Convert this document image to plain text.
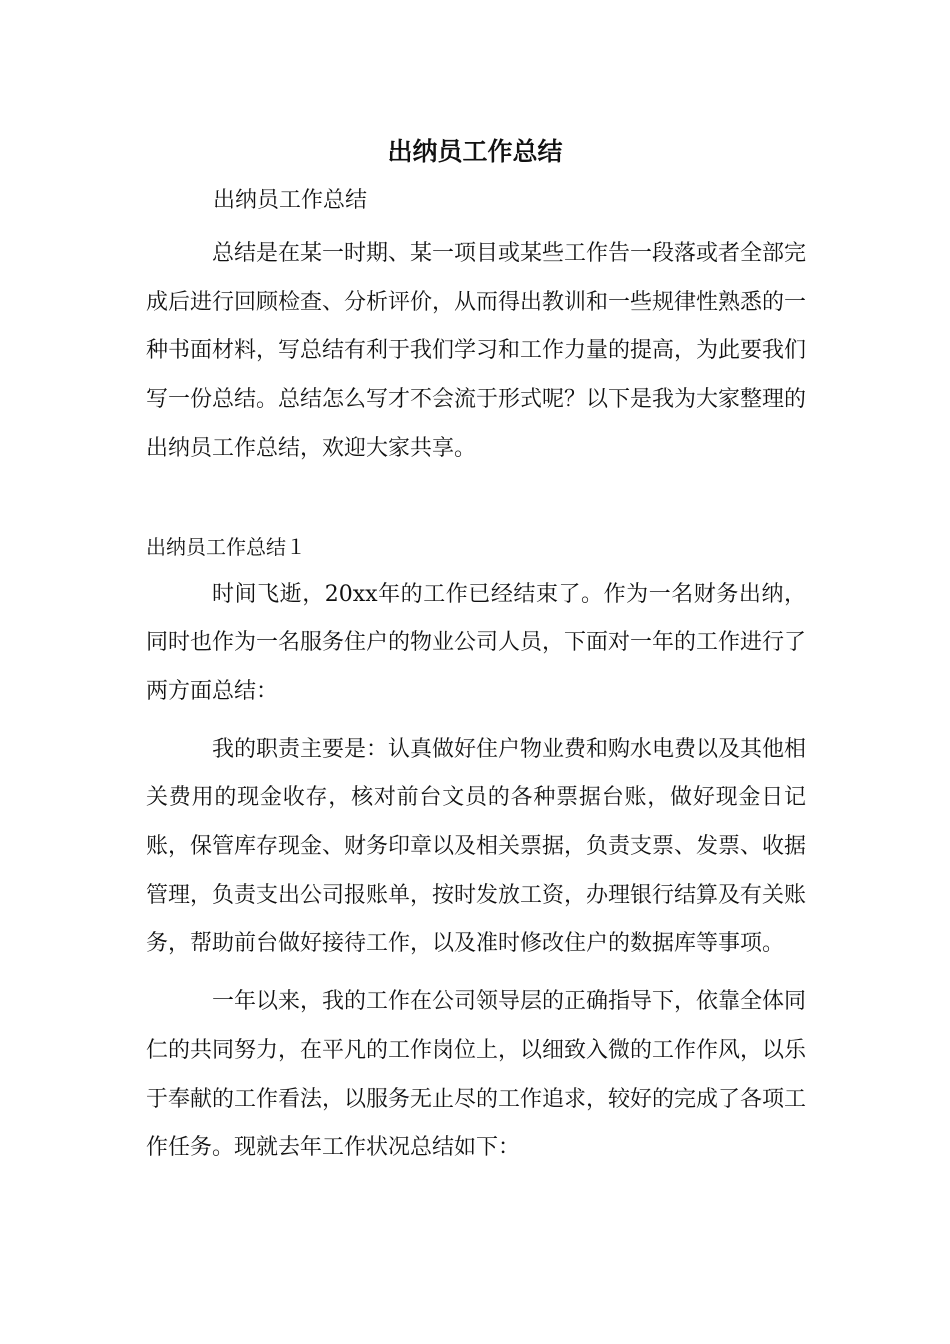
出纳员工作总结

出纳员工作总结

总结是在某一时期、某一项目或某些工作告一段落或者全部完成后进行回顾检查、分析评价，从而得出教训和一些规律性熟悉的一种书面材料，写总结有利于我们学习和工作力量的提高，为此要我们写一份总结。总结怎么写才不会流于形式呢？以下是我为大家整理的出纳员工作总结，欢迎大家共享。

出纳员工作总结１

时间飞逝，20xx年的工作已经结束了。作为一名财务出纳，同时也作为一名服务住户的物业公司人员，下面对一年的工作进行了两方面总结：

我的职责主要是：认真做好住户物业费和购水电费以及其他相关费用的现金收存，核对前台文员的各种票据台账，做好现金日记账，保管库存现金、财务印章以及相关票据，负责支票、发票、收据管理，负责支出公司报账单，按时发放工资，办理银行结算及有关账务，帮助前台做好接待工作，以及准时修改住户的数据库等事项。

一年以来，我的工作在公司领导层的正确指导下，依靠全体同仁的共同努力，在平凡的工作岗位上，以细致入微的工作作风，以乐于奉献的工作看法，以服务无止尽的工作追求，较好的完成了各项工作任务。现就去年工作状况总结如下：
